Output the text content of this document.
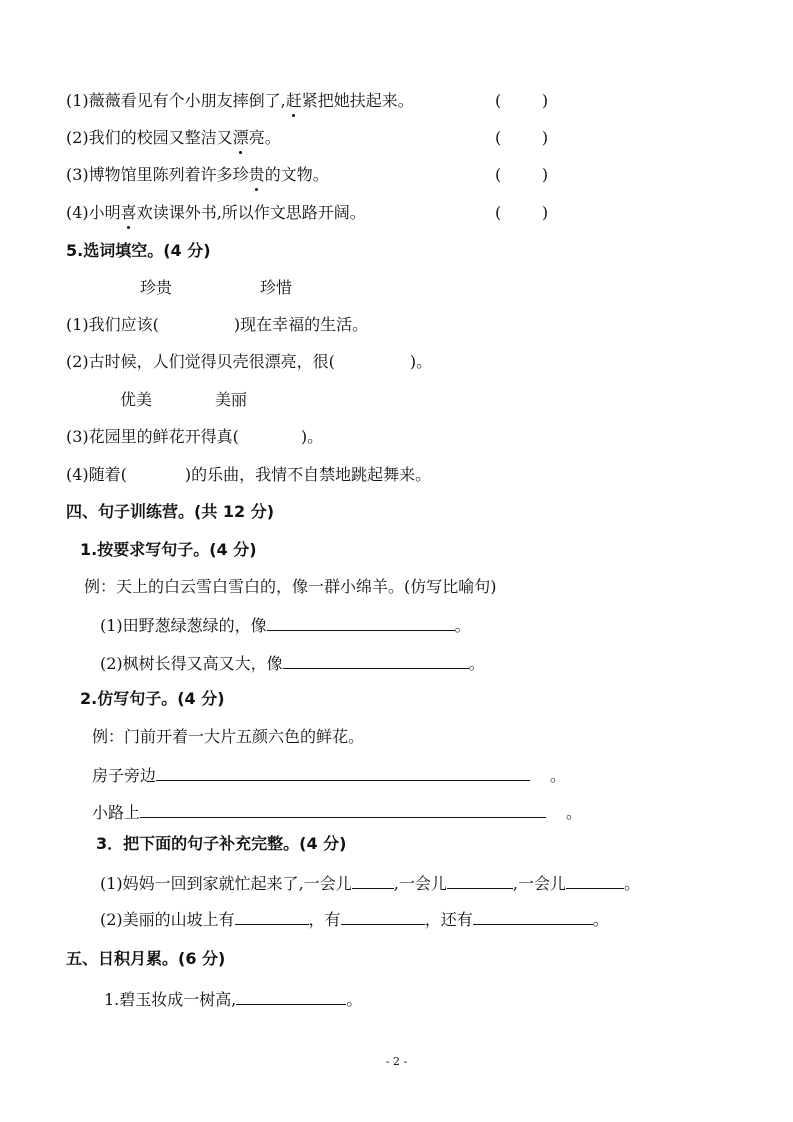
(1)薇薇看见有个小朋友摔倒了,赶紧把她扶起来。	(        )
(2)我们的校园又整洁又漂亮。	(        )
(3)博物馆里陈列着许多珍贵的文物。	(        )
(4)小明喜欢读课外书,所以作文思路开阔。	(        )
5.选词填空。(4 分)
珍贵	珍惜
(1)我们应该(	)现在幸福的生活。
(2)古时候，人们觉得贝壳很漂亮，很(	)。
优美	美丽
(3)花园里的鲜花开得真(	)。
(4)随着(	)的乐曲，我情不自禁地跳起舞来。
四、句子训练营。(共 12 分)
1.按要求写句子。(4 分)
例：天上的白云雪白雪白的，像一群小绵羊。(仿写比喻句)
(1)田野葱绿葱绿的，像	。
(2)枫树长得又高又大，像	。
2.仿写句子。(4 分)
例：门前开着一大片五颜六色的鲜花。
房子旁边	。
小路上	。
3．把下面的句子补充完整。(4 分)
(1)妈妈一回到家就忙起来了,一会儿	,一会儿	,一会儿	。
(2)美丽的山坡上有	，有	，还有	。
五、日积月累。(6 分)
1.碧玉妆成一树高,	。
- 2 -
